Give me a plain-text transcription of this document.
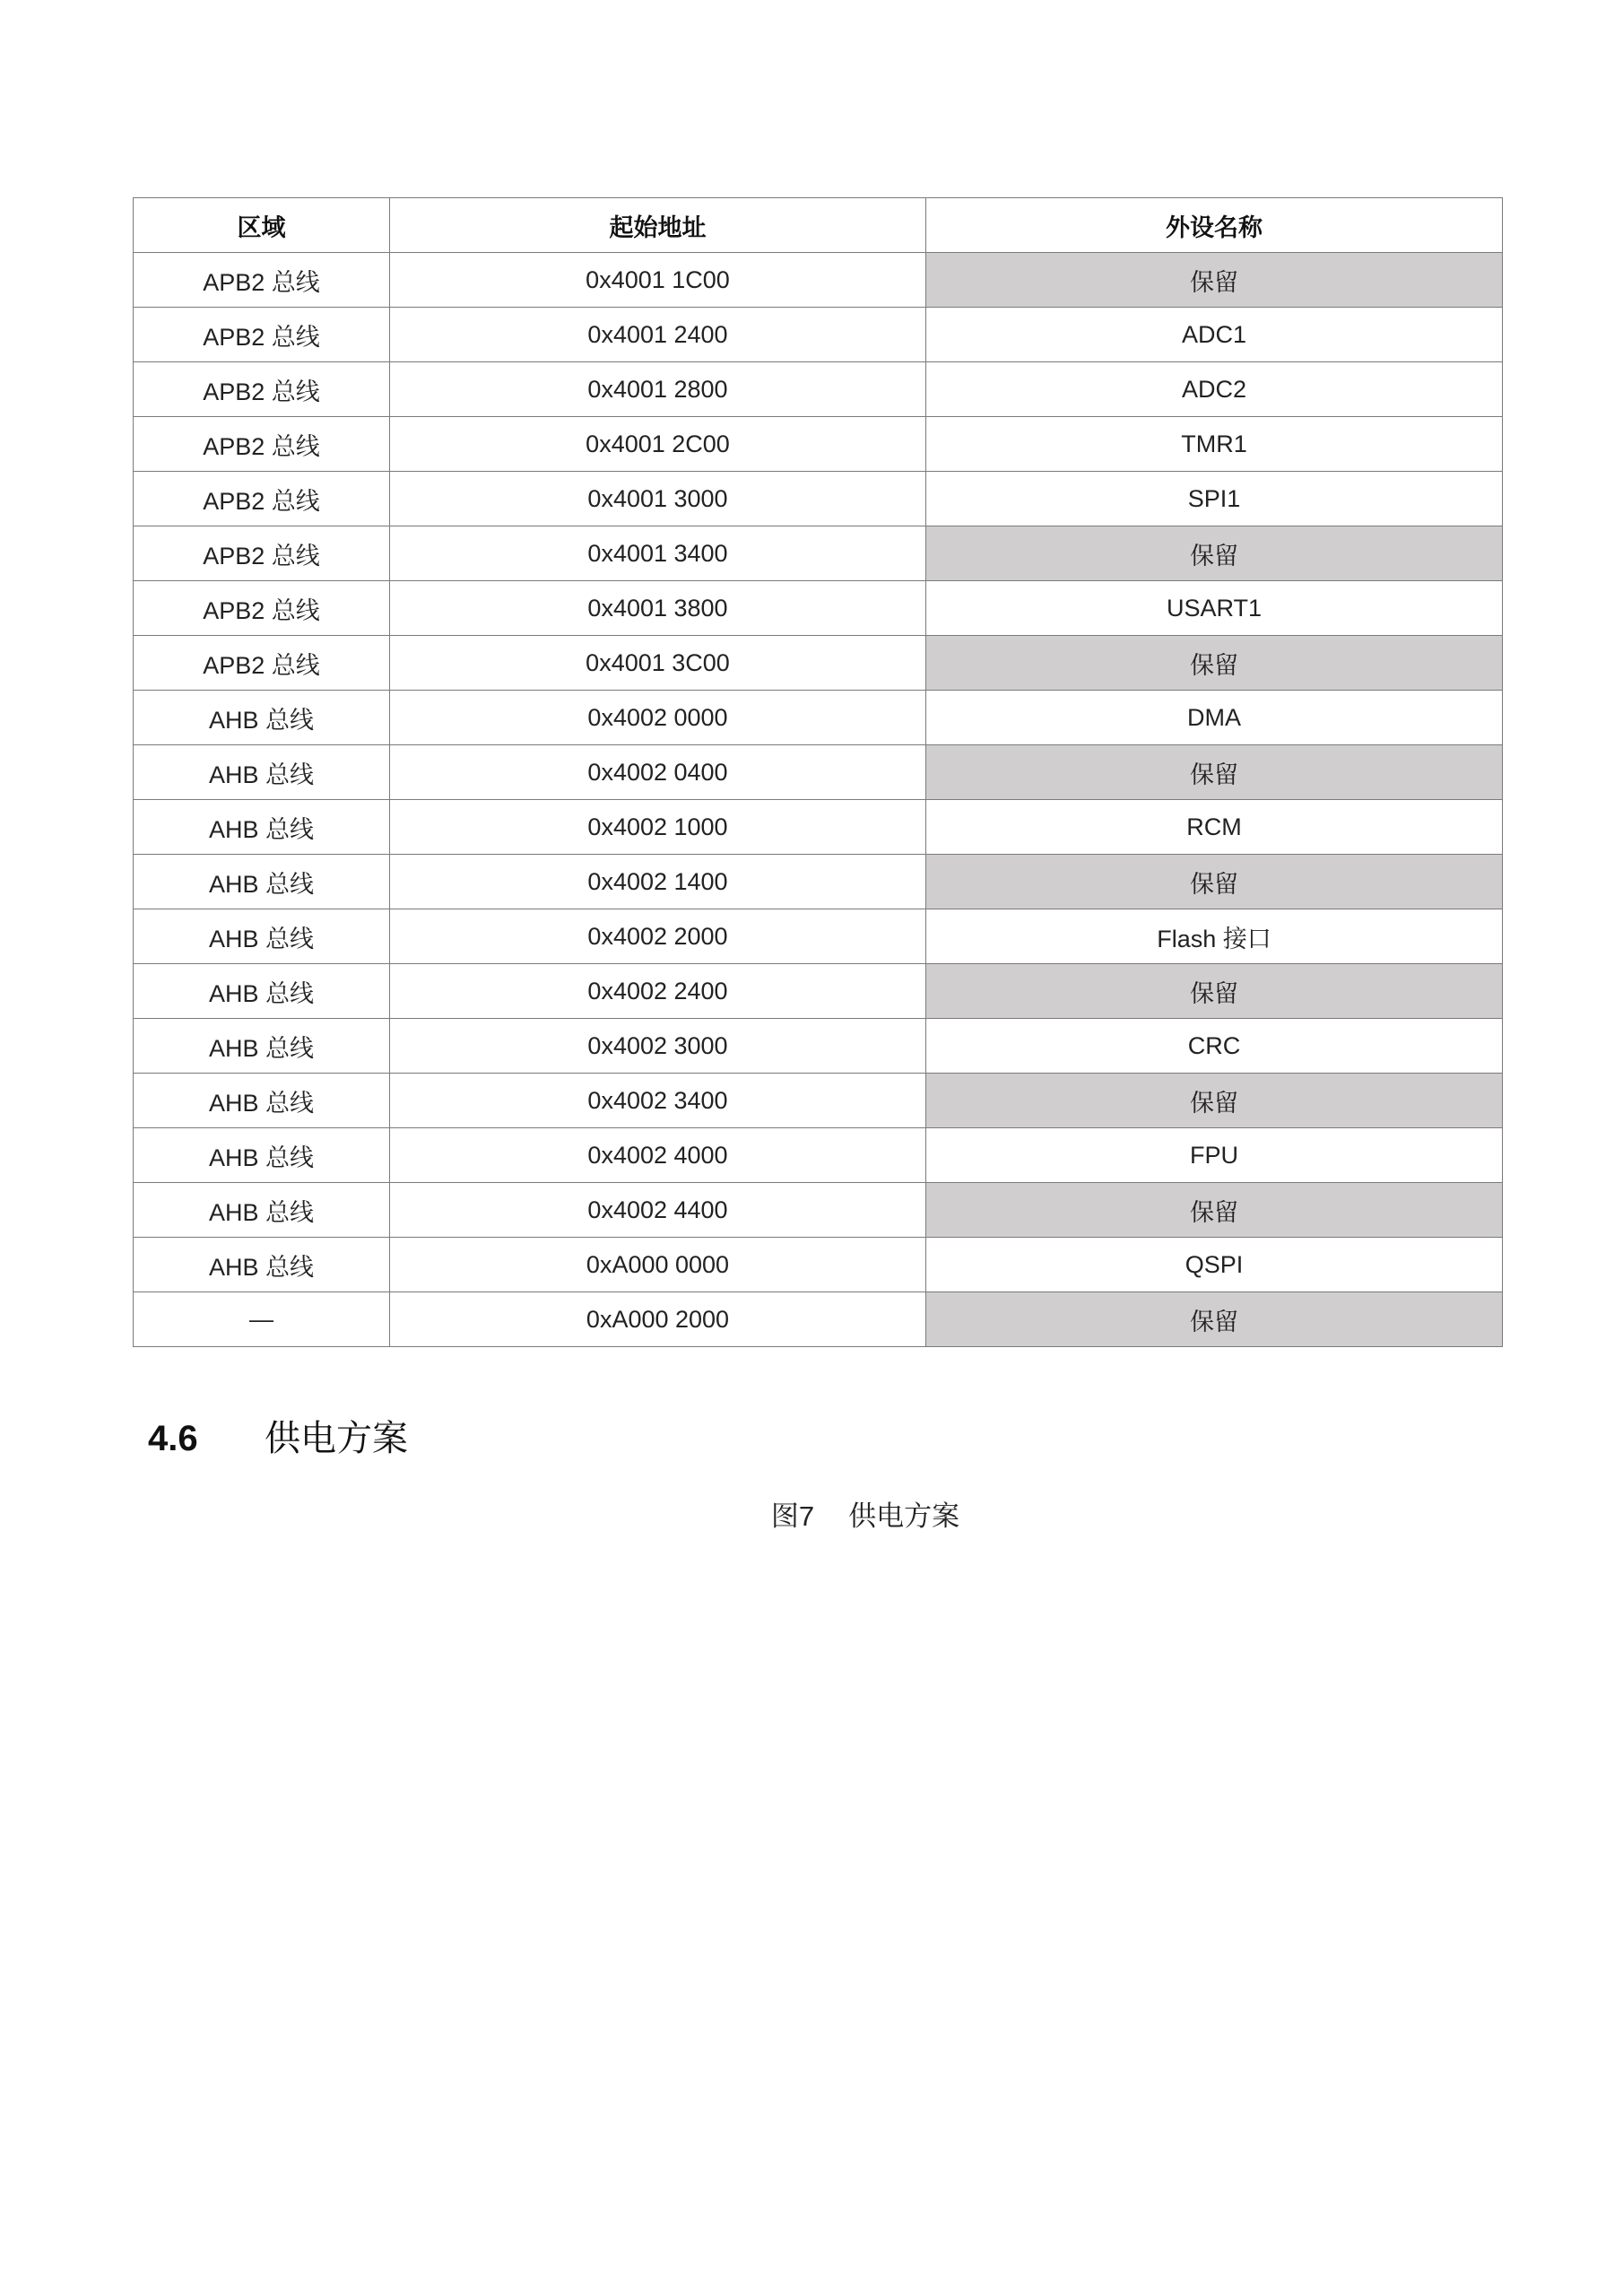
区域	起始地址	外设名称
APB2 总线	0x4001 1C00	保留
APB2 总线	0x4001 2400	ADC1
APB2 总线	0x4001 2800	ADC2
APB2 总线	0x4001 2C00	TMR1
APB2 总线	0x4001 3000	SPI1
APB2 总线	0x4001 3400	保留
APB2 总线	0x4001 3800	USART1
APB2 总线	0x4001 3C00	保留
AHB 总线	0x4002 0000	DMA
AHB 总线	0x4002 0400	保留
AHB 总线	0x4002 1000	RCM
AHB 总线	0x4002 1400	保留
AHB 总线	0x4002 2000	Flash 接口
AHB 总线	0x4002 2400	保留
AHB 总线	0x4002 3000	CRC
AHB 总线	0x4002 3400	保留
AHB 总线	0x4002 4000	FPU
AHB 总线	0x4002 4400	保留
AHB 总线	0xA000 0000	QSPI
—	0xA000 2000	保留
4.6 供电方案
图7 供电方案
